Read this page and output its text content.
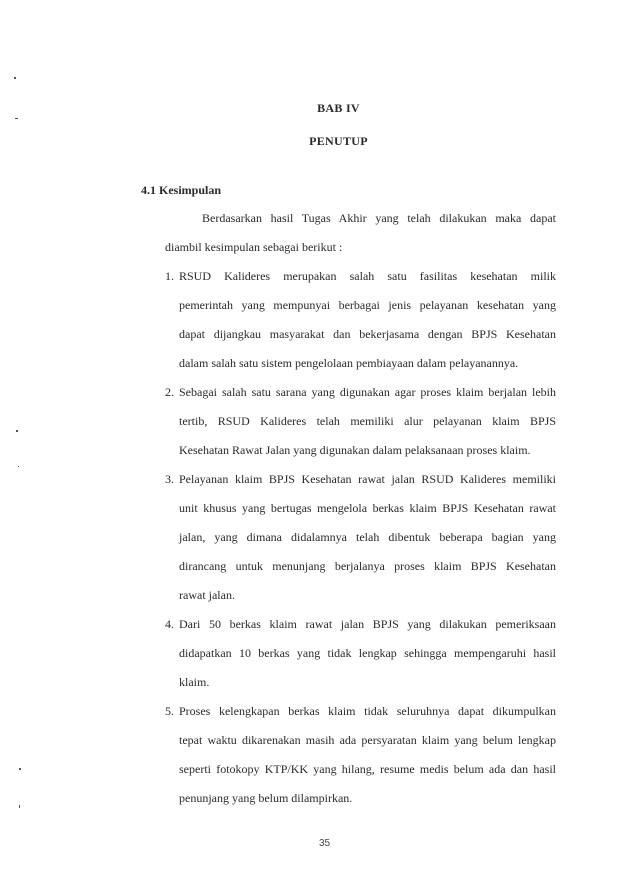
BAB IV
PENUTUP
4.1 Kesimpulan
Berdasarkan hasil Tugas Akhir yang telah dilakukan maka dapat
diambil kesimpulan sebagai berikut :
1. RSUD Kalideres merupakan salah satu fasilitas kesehatan milik
pemerintah yang mempunyai berbagai jenis pelayanan kesehatan yang
dapat dijangkau masyarakat dan bekerjasama dengan BPJS Kesehatan
dalam salah satu sistem pengelolaan pembiayaan dalam pelayanannya.
2. Sebagai salah satu sarana yang digunakan agar proses klaim berjalan lebih
tertib, RSUD Kalideres telah memiliki alur pelayanan klaim BPJS
Kesehatan Rawat Jalan yang digunakan dalam pelaksanaan proses klaim.
3. Pelayanan klaim BPJS Kesehatan rawat jalan RSUD Kalideres memiliki
unit khusus yang bertugas mengelola berkas klaim BPJS Kesehatan rawat
jalan, yang dimana didalamnya telah dibentuk beberapa bagian yang
dirancang untuk menunjang berjalanya proses klaim BPJS Kesehatan
rawat jalan.
4. Dari 50 berkas klaim rawat jalan BPJS yang dilakukan pemeriksaan
didapatkan 10 berkas yang tidak lengkap sehingga mempengaruhi hasil
klaim.
5. Proses kelengkapan berkas klaim tidak seluruhnya dapat dikumpulkan
tepat waktu dikarenakan masih ada persyaratan klaim yang belum lengkap
seperti fotokopy KTP/KK yang hilang, resume medis belum ada dan hasil
penunjang yang belum dilampirkan.
35
